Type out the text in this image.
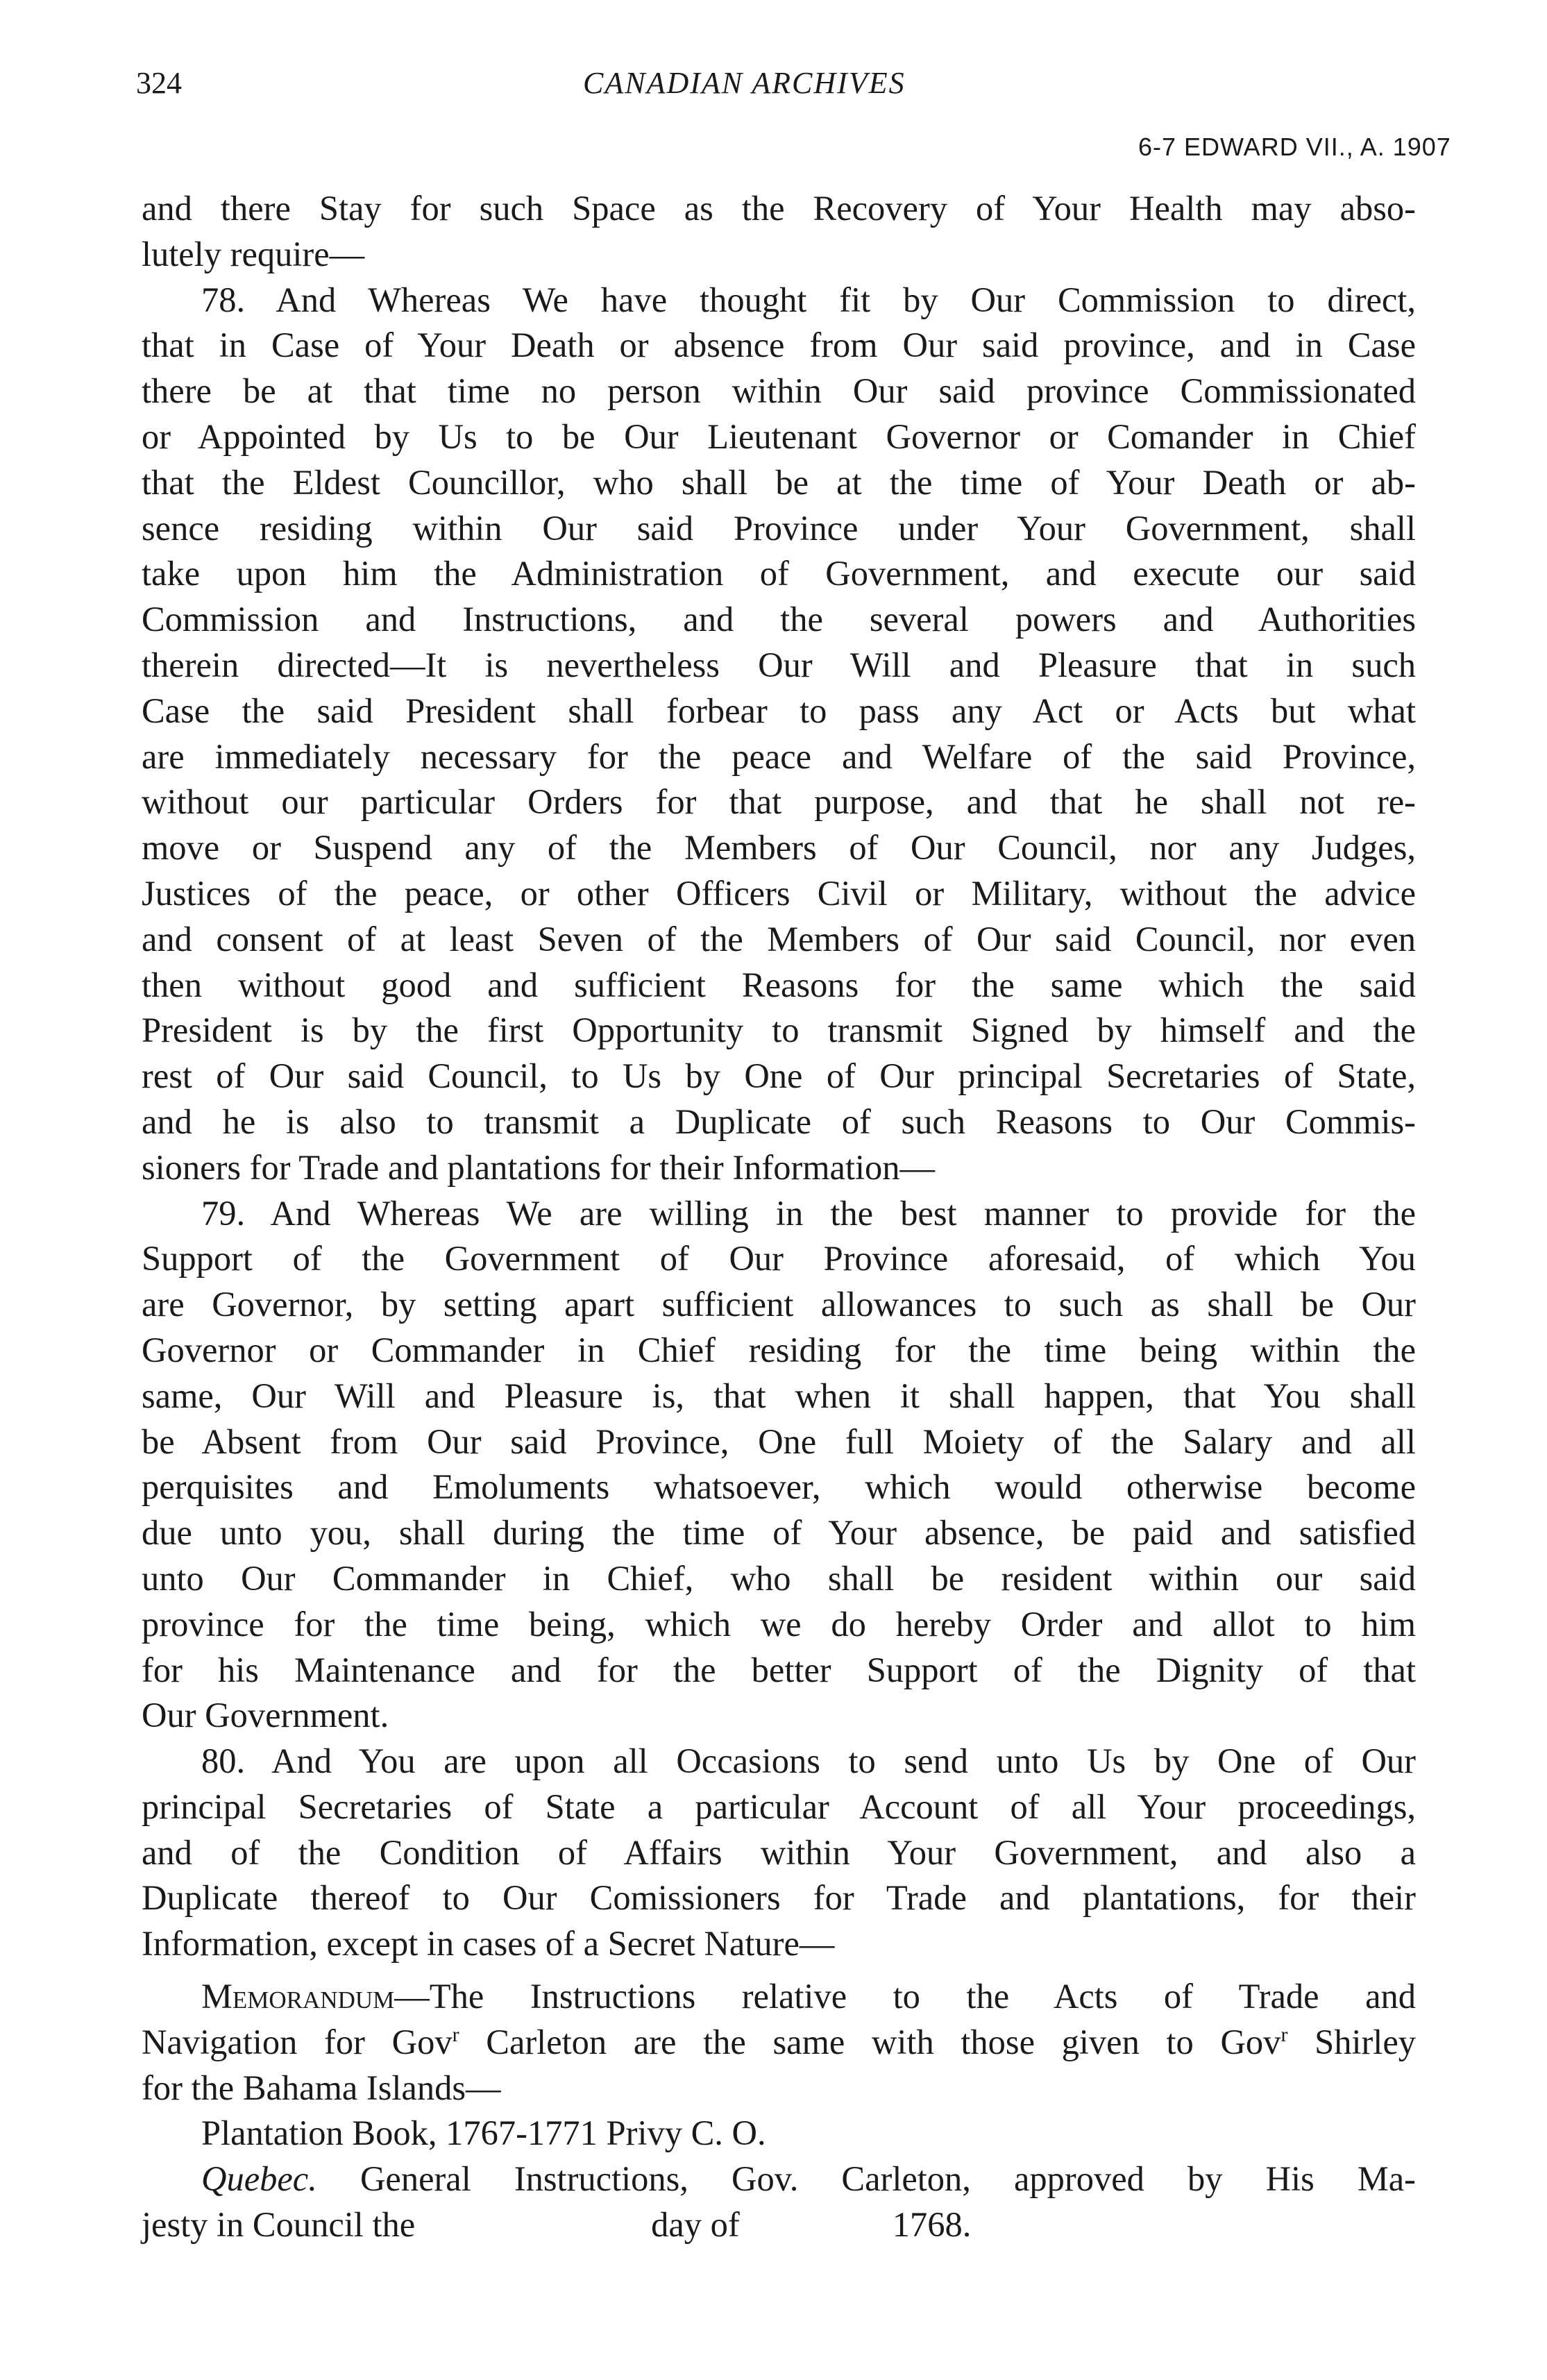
324	CANADIAN ARCHIVES
6-7 EDWARD VII., A. 1907
and there Stay for such Space as the Recovery of Your Health may abso-
lutely require—
78. And Whereas We have thought fit by Our Commission to direct,
that in Case of Your Death or absence from Our said province, and in Case
there be at that time no person within Our said province Commissionated
or Appointed by Us to be Our Lieutenant Governor or Comander in Chief
that the Eldest Councillor, who shall be at the time of Your Death or ab-
sence residing within Our said Province under Your Government, shall
take upon him the Administration of Government, and execute our said
Commission and Instructions, and the several powers and Authorities
therein directed—It is nevertheless Our Will and Pleasure that in such
Case the said President shall forbear to pass any Act or Acts but what
are immediately necessary for the peace and Welfare of the said Province,
without our particular Orders for that purpose, and that he shall not re-
move or Suspend any of the Members of Our Council, nor any Judges,
Justices of the peace, or other Officers Civil or Military, without the advice
and consent of at least Seven of the Members of Our said Council, nor even
then without good and sufficient Reasons for the same which the said
President is by the first Opportunity to transmit Signed by himself and the
rest of Our said Council, to Us by One of Our principal Secretaries of State,
and he is also to transmit a Duplicate of such Reasons to Our Commis-
sioners for Trade and plantations for their Information—
79. And Whereas We are willing in the best manner to provide for the
Support of the Government of Our Province aforesaid, of which You
are Governor, by setting apart sufficient allowances to such as shall be Our
Governor or Commander in Chief residing for the time being within the
same, Our Will and Pleasure is, that when it shall happen, that You shall
be Absent from Our said Province, One full Moiety of the Salary and all
perquisites and Emoluments whatsoever, which would otherwise become
due unto you, shall during the time of Your absence, be paid and satisfied
unto Our Commander in Chief, who shall be resident within our said
province for the time being, which we do hereby Order and allot to him
for his Maintenance and for the better Support of the Dignity of that
Our Government.
80. And You are upon all Occasions to send unto Us by One of Our
principal Secretaries of State a particular Account of all Your proceedings,
and of the Condition of Affairs within Your Government, and also a
Duplicate thereof to Our Comissioners for Trade and plantations, for their
Information, except in cases of a Secret Nature—
Memorandum—The Instructions relative to the Acts of Trade and
Navigation for Gov$^r$ Carleton are the same with those given to Gov$^r$ Shirley
for the Bahama Islands—
Plantation Book, 1767-1771 Privy C. O.
Quebec. General Instructions, Gov. Carleton, approved by His Ma-
jesty in Council the	day of	1768.
